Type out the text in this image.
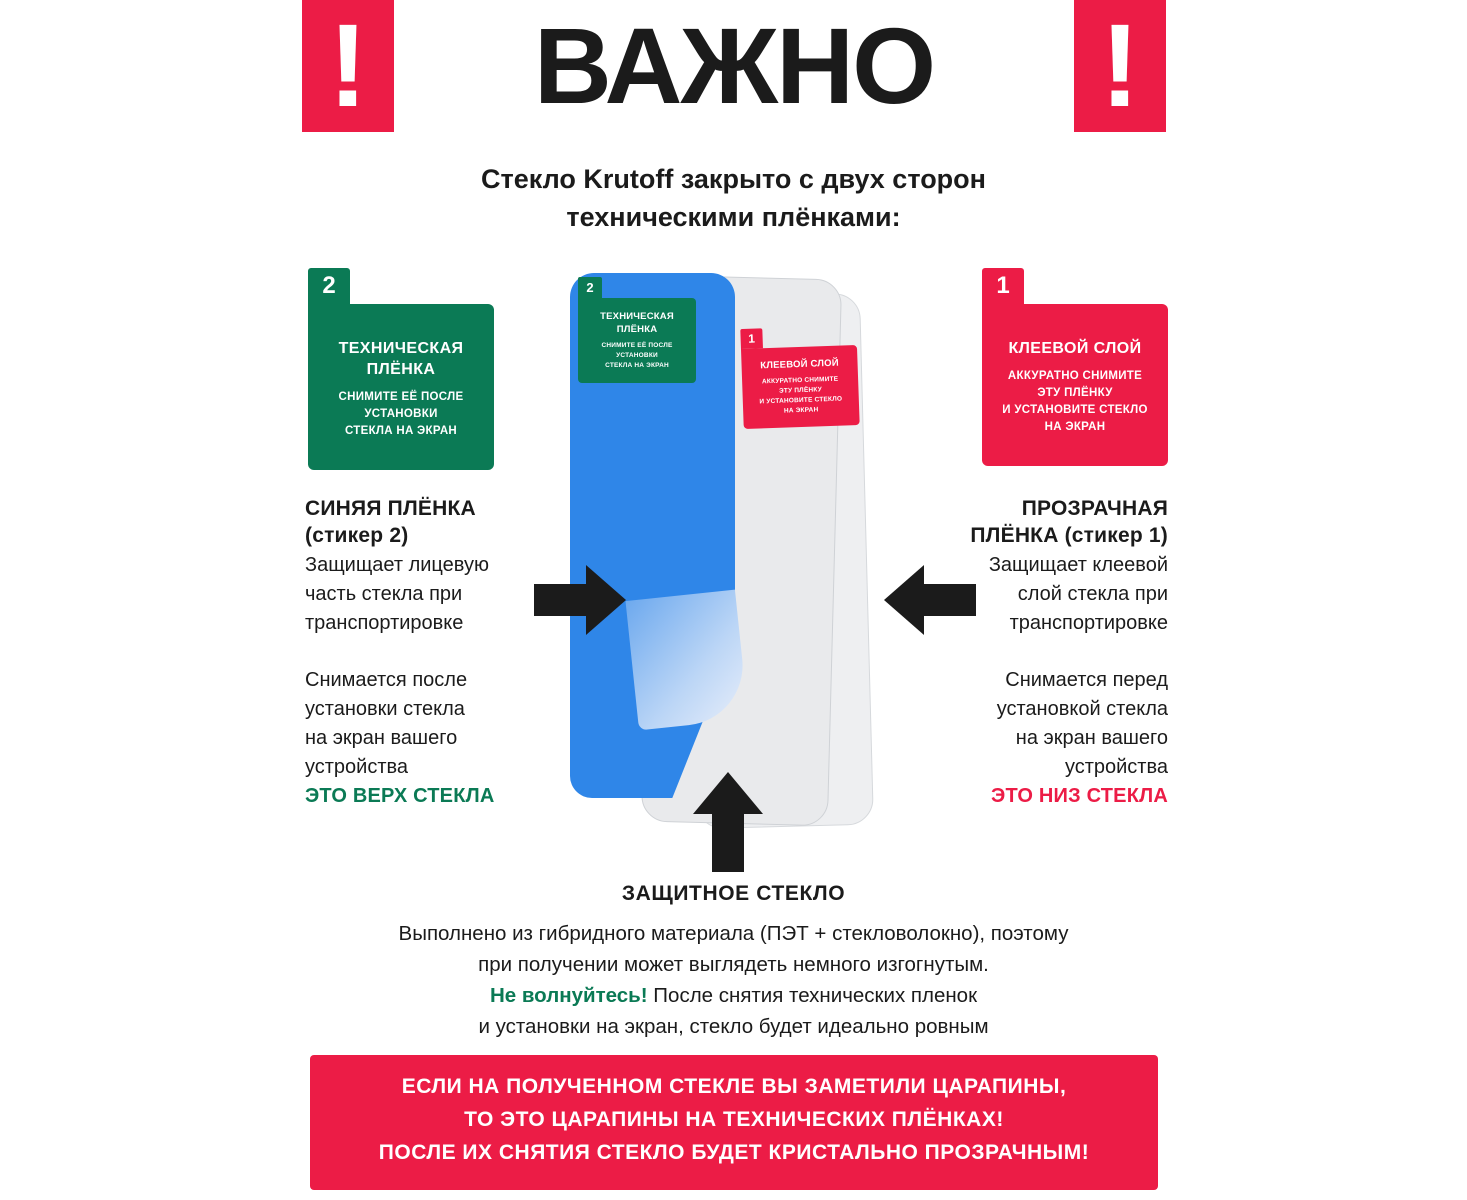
!	ВАЖНО	!
Стекло Krutoff закрыто с двух сторон
техническими плёнками:
2
ТЕХНИЧЕСКАЯ
ПЛЁНКА
СНИМИТЕ ЕЁ ПОСЛЕ
УСТАНОВКИ
СТЕКЛА НА ЭКРАН
1
КЛЕЕВОЙ СЛОЙ
АККУРАТНО СНИМИТЕ
ЭТУ ПЛЁНКУ
И УСТАНОВИТЕ СТЕКЛО
НА ЭКРАН
2
ТЕХНИЧЕСКАЯ
ПЛЁНКА
СНИМИТЕ ЕЁ ПОСЛЕ
УСТАНОВКИ
СТЕКЛА НА ЭКРАН
1
КЛЕЕВОЙ СЛОЙ
АККУРАТНО СНИМИТЕ
ЭТУ ПЛЁНКУ
И УСТАНОВИТЕ СТЕКЛО
НА ЭКРАН
СИНЯЯ ПЛЁНКА
(стикер 2)
Защищает лицевую
часть стекла при
транспортировке
Снимается после
установки стекла
на экран вашего
устройства
ЭТО ВЕРХ СТЕКЛА
ПРОЗРАЧНАЯ
ПЛЁНКА (стикер 1)
Защищает клеевой
слой стекла при
транспортировке
Снимается перед
установкой стекла
на экран вашего
устройства
ЭТО НИЗ СТЕКЛА
ЗАЩИТНОЕ СТЕКЛО
Выполнено из гибридного материала (ПЭТ + стекловолокно), поэтому
при получении может выглядеть немного изгогнутым.
Не волнуйтесь! После снятия технических пленок
и установки на экран, стекло будет идеально ровным
ЕСЛИ НА ПОЛУЧЕННОМ СТЕКЛЕ ВЫ ЗАМЕТИЛИ ЦАРАПИНЫ,
ТО ЭТО ЦАРАПИНЫ НА ТЕХНИЧЕСКИХ ПЛЁНКАХ!
ПОСЛЕ ИХ СНЯТИЯ СТЕКЛО БУДЕТ КРИСТАЛЬНО ПРОЗРАЧНЫМ!
